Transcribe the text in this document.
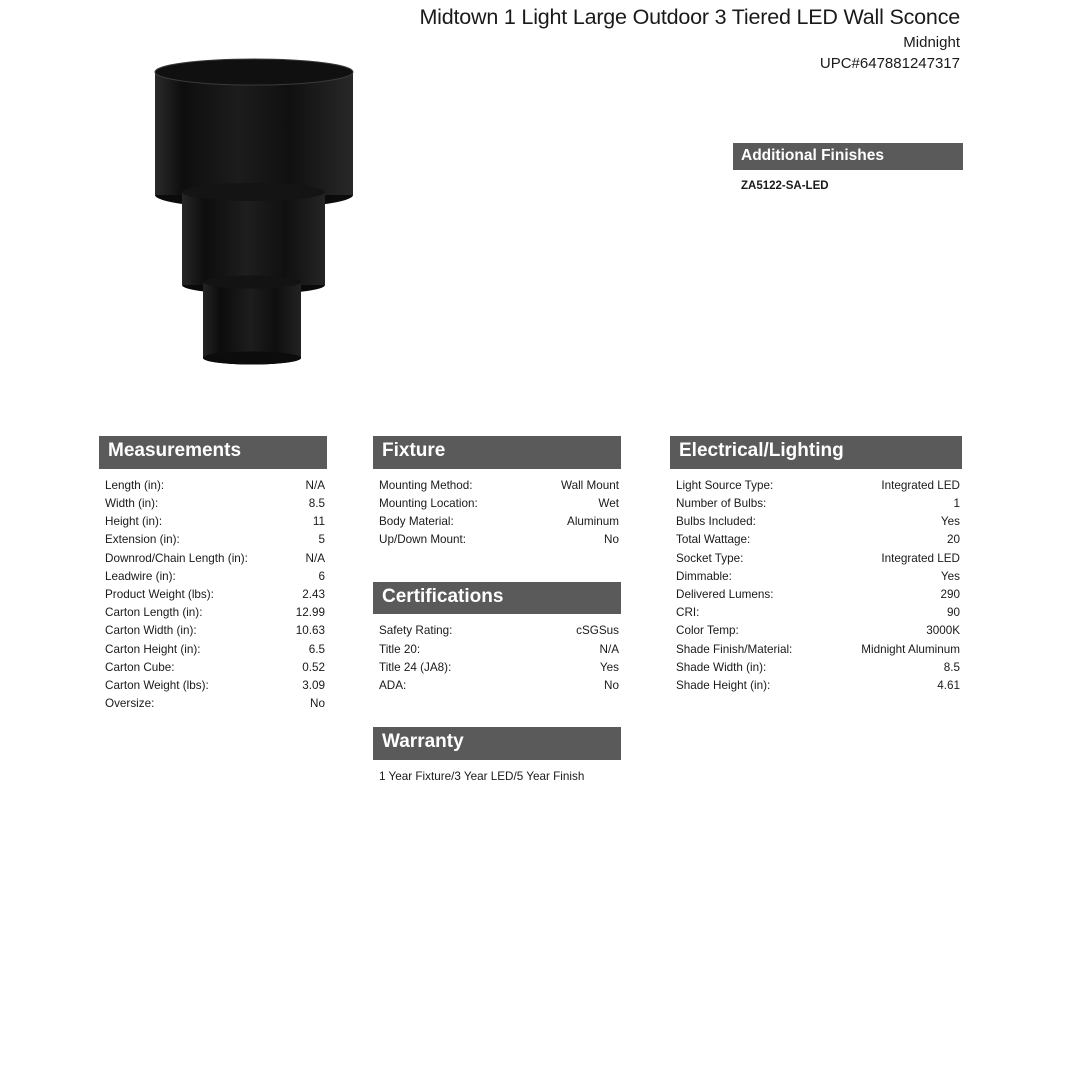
Midtown 1 Light Large Outdoor 3 Tiered LED Wall Sconce
Midnight
UPC#647881247317
Additional Finishes
ZA5122-SA-LED
Measurements
Length (in):	N/A
Width (in):	8.5
Height (in):	11
Extension (in):	5
Downrod/Chain Length (in):	N/A
Leadwire (in):	6
Product Weight (lbs):	2.43
Carton Length (in):	12.99
Carton Width (in):	10.63
Carton Height (in):	6.5
Carton Cube:	0.52
Carton Weight (lbs):	3.09
Oversize:	No
Fixture
Mounting Method:	Wall Mount
Mounting Location:	Wet
Body Material:	Aluminum
Up/Down Mount:	No
Certifications
Safety Rating:	cSGSus
Title 20:	N/A
Title 24 (JA8):	Yes
ADA:	No
Warranty
1 Year Fixture/3 Year LED/5 Year Finish
Electrical/Lighting
Light Source Type:	Integrated LED
Number of Bulbs:	1
Bulbs Included:	Yes
Total Wattage:	20
Socket Type:	Integrated LED
Dimmable:	Yes
Delivered Lumens:	290
CRI:	90
Color Temp:	3000K
Shade Finish/Material:	Midnight Aluminum
Shade Width (in):	8.5
Shade Height (in):	4.61
